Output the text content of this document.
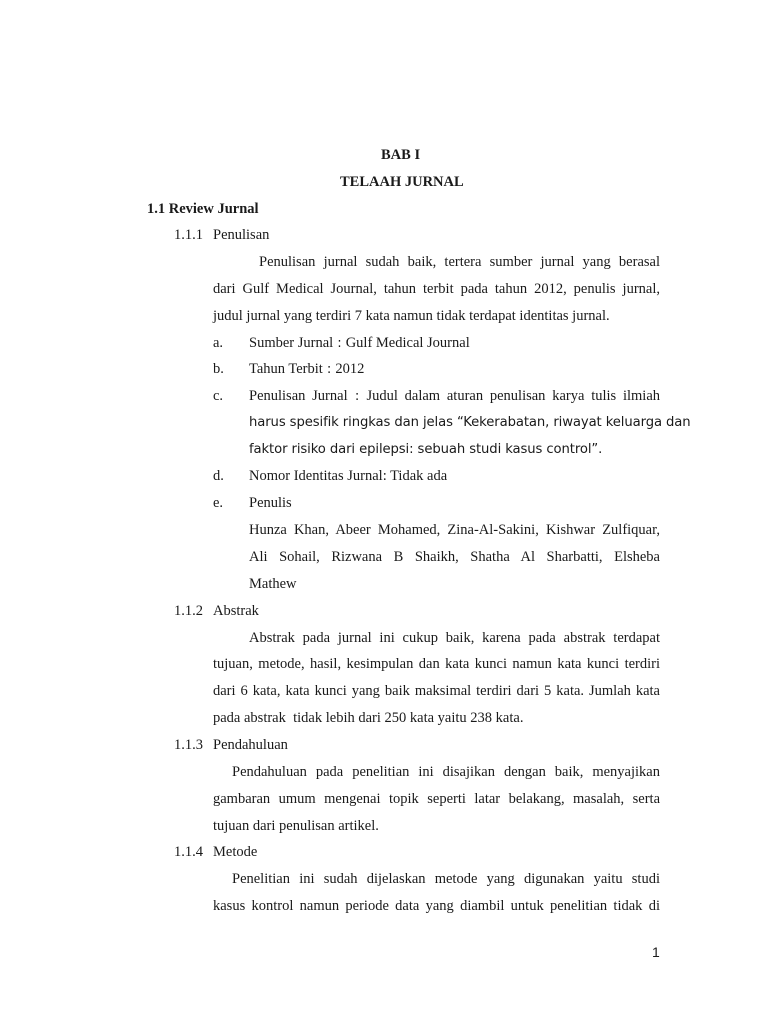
BAB I
TELAAH JURNAL
1.1 Review Jurnal
1.1.1 Penulisan
Penulisan jurnal sudah baik, tertera sumber jurnal yang berasal
dari Gulf Medical Journal, tahun terbit pada tahun 2012, penulis jurnal,
judul jurnal yang terdiri 7 kata namun tidak terdapat identitas jurnal.
a. Sumber Jurnal : Gulf Medical Journal
b. Tahun Terbit : 2012
c. Penulisan Jurnal : Judul dalam aturan penulisan karya tulis ilmiah
harus spesifik ringkas dan jelas “Kekerabatan, riwayat keluarga dan
faktor risiko dari epilepsi: sebuah studi kasus control”.
d. Nomor Identitas Jurnal: Tidak ada
e. Penulis
Hunza Khan, Abeer Mohamed, Zina-Al-Sakini, Kishwar Zulfiquar,
Ali Sohail, Rizwana B Shaikh, Shatha Al Sharbatti, Elsheba
Mathew
1.1.2 Abstrak
Abstrak pada jurnal ini cukup baik, karena pada abstrak terdapat
tujuan, metode, hasil, kesimpulan dan kata kunci namun kata kunci terdiri
dari 6 kata, kata kunci yang baik maksimal terdiri dari 5 kata. Jumlah kata
pada abstrak  tidak lebih dari 250 kata yaitu 238 kata.
1.1.3 Pendahuluan
Pendahuluan pada penelitian ini disajikan dengan baik, menyajikan
gambaran umum mengenai topik seperti latar belakang, masalah, serta
tujuan dari penulisan artikel.
1.1.4 Metode
Penelitian ini sudah dijelaskan metode yang digunakan yaitu studi
kasus kontrol namun periode data yang diambil untuk penelitian tidak di
1
